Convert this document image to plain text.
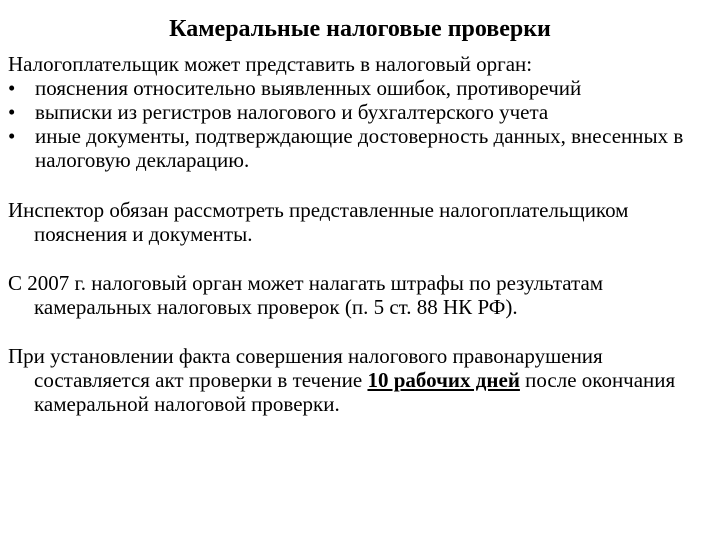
Камеральные налоговые проверки

Налогоплательщик может представить в налоговый орган:

• пояснения относительно выявленных ошибок, противоречий
• выписки из регистров налогового и бухгалтерского учета
• иные документы, подтверждающие достоверность данных, внесенных в налоговую декларацию.

Инспектор обязан рассмотреть представленные налогоплательщиком пояснения и документы.

С 2007 г. налоговый орган может налагать штрафы по результатам камеральных налоговых проверок (п. 5 ст. 88 НК РФ).

При установлении факта совершения налогового правонарушения составляется акт проверки в течение 10 рабочих дней после окончания камеральной налоговой проверки.
